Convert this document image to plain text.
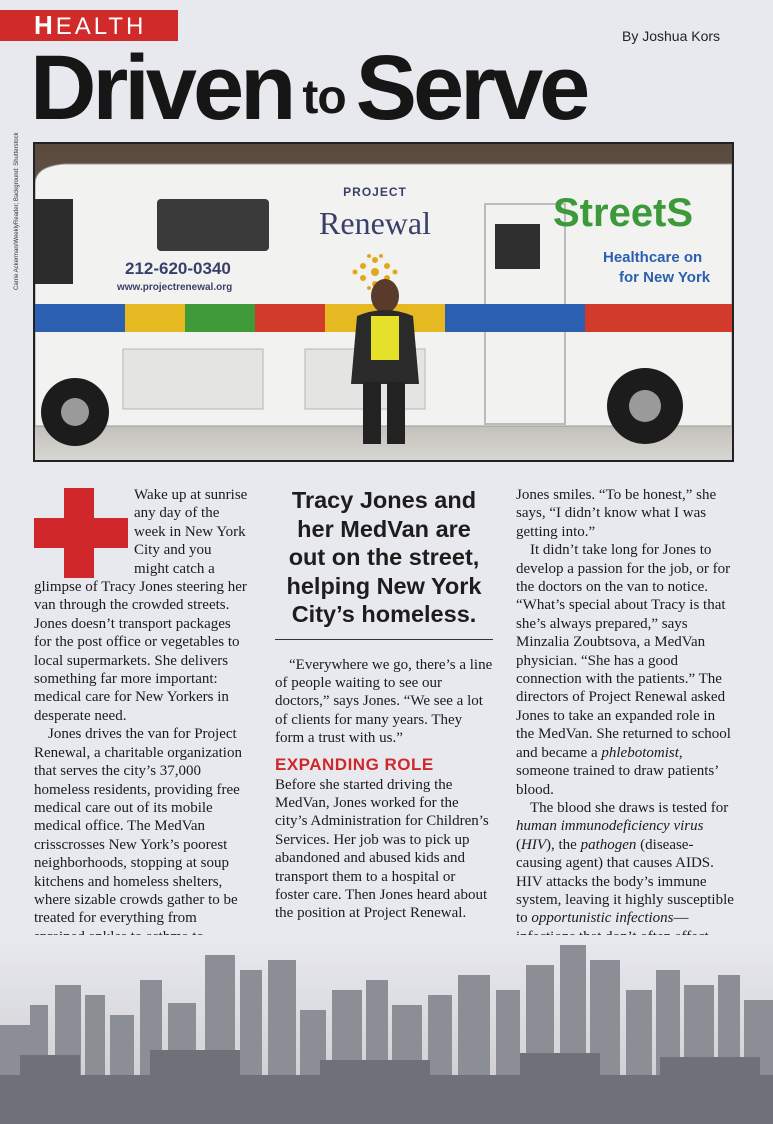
HEALTH	By Joshua Kors
Driven to Serve
Carrie Ackerman/WeeklyReader; Background: Shutterstock	PROJECT
Renewal
212-620-0340
www.projectrenewal.org
StreetS
Healthcare on
for New York

Wake up at sunrise any day of the week in New York City and you might catch a glimpse of Tracy Jones steering her van through the crowded streets. Jones doesn’t transport packages for the post office or vegetables to local supermarkets. She delivers something far more important: medical care for New Yorkers in desperate need.

Jones drives the van for Project Renewal, a charitable organization that serves the city’s 37,000 homeless residents, providing free medical care out of its mobile medical office. The MedVan crisscrosses New York’s poorest neighborhoods, stopping at soup kitchens and homeless shelters, where sizable crowds gather to be treated for everything from

Tracy Jones and her MedVan are out on the street, helping New York City’s homeless.

“Everywhere we go, there’s a line of people waiting to see our doctors,” says Jones. “We see a lot of clients for many years. They form a trust with us.”

EXPANDING ROLE

Before she started driving the MedVan, Jones worked for the city’s Administration for Children’s Services. Her job was to pick up abandoned and abused kids and transport them to a hospital or foster care. Then Jones heard about the position at Project Renewal.

Jones smiles. “To be honest,” she says, “I didn’t know what I was getting into.”

It didn’t take long for Jones to develop a passion for the job, or for the doctors on the van to notice. “What’s special about Tracy is that she’s always prepared,” says Minzalia Zoubtsova, a MedVan physician. “She has a good connection with the patients.” The directors of Project Renewal asked Jones to take an expanded role in the MedVan. She returned to school and became a phlebotomist, someone trained to draw patients’ blood.

The blood she draws is tested for human immunodeficiency virus (HIV), the pathogen (disease-causing agent) that causes AIDS. HIV attacks the body’s immune system, leaving it highly susceptible to opportunistic infections—
